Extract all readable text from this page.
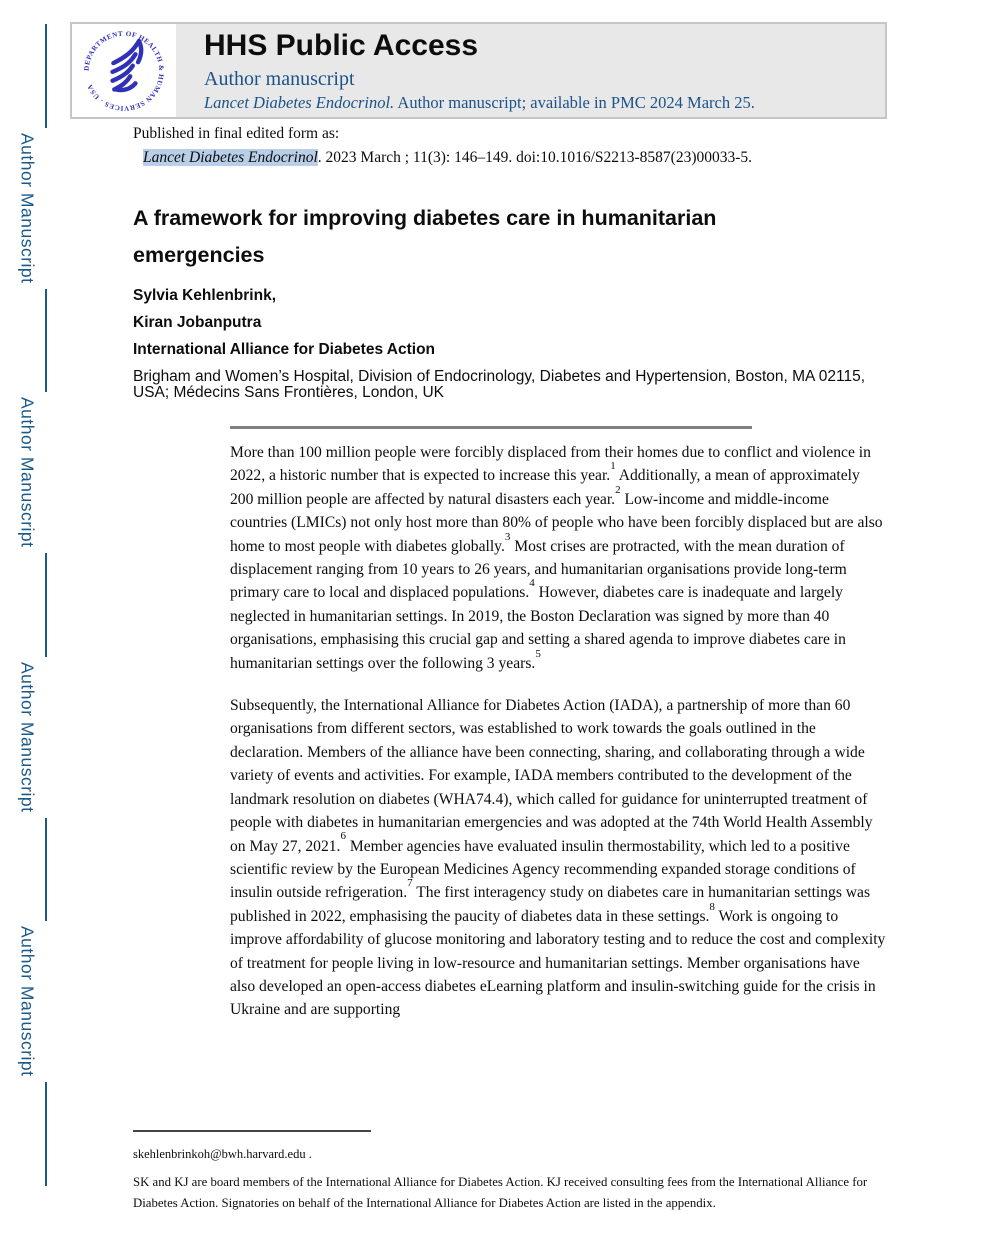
Author Manuscript
Author Manuscript
Author Manuscript
Author Manuscript
DEPARTMENT OF HEALTH & HUMAN SERVICES - USA
HHS Public Access
Author manuscript
Lancet Diabetes Endocrinol. Author manuscript; available in PMC 2024 March 25.
Published in final edited form as:
Lancet Diabetes Endocrinol. 2023 March ; 11(3): 146–149. doi:10.1016/S2213-8587(23)00033-5.
A framework for improving diabetes care in humanitarian emergencies

Sylvia Kehlenbrink,

Kiran Jobanputra

International Alliance for Diabetes Action

Brigham and Women’s Hospital, Division of Endocrinology, Diabetes and Hypertension, Boston, MA 02115, USA; Médecins Sans Frontières, London, UK

More than 100 million people were forcibly displaced from their homes due to conflict and violence in 2022, a historic number that is expected to increase this year.$^1$ Additionally, a mean of approximately 200 million people are affected by natural disasters each year.$^2$ Low-income and middle-income countries (LMICs) not only host more than 80% of people who have been forcibly displaced but are also home to most people with diabetes globally.$^3$ Most crises are protracted, with the mean duration of displacement ranging from 10 years to 26 years, and humanitarian organisations provide long-term primary care to local and displaced populations.$^4$ However, diabetes care is inadequate and largely neglected in humanitarian settings. In 2019, the Boston Declaration was signed by more than 40 organisations, emphasising this crucial gap and setting a shared agenda to improve diabetes care in humanitarian settings over the following 3 years.$^5$

Subsequently, the International Alliance for Diabetes Action (IADA), a partnership of more than 60 organisations from different sectors, was established to work towards the goals outlined in the declaration. Members of the alliance have been connecting, sharing, and collaborating through a wide variety of events and activities. For example, IADA members contributed to the development of the landmark resolution on diabetes (WHA74.4), which called for guidance for uninterrupted treatment of people with diabetes in humanitarian emergencies and was adopted at the 74th World Health Assembly on May 27, 2021.$^6$ Member agencies have evaluated insulin thermostability, which led to a positive scientific review by the European Medicines Agency recommending expanded storage conditions of insulin outside refrigeration.$^7$ The first interagency study on diabetes care in humanitarian settings was published in 2022, emphasising the paucity of diabetes data in these settings.$^8$ Work is ongoing to improve affordability of glucose monitoring and laboratory testing and to reduce the cost and complexity of treatment for people living in low-resource and humanitarian settings. Member organisations have also developed an open-access diabetes eLearning platform and insulin-switching guide for the crisis in Ukraine and are supporting

skehlenbrinkoh@bwh.harvard.edu .
SK and KJ are board members of the International Alliance for Diabetes Action. KJ received consulting fees from the International Alliance for Diabetes Action. Signatories on behalf of the International Alliance for Diabetes Action are listed in the appendix.
